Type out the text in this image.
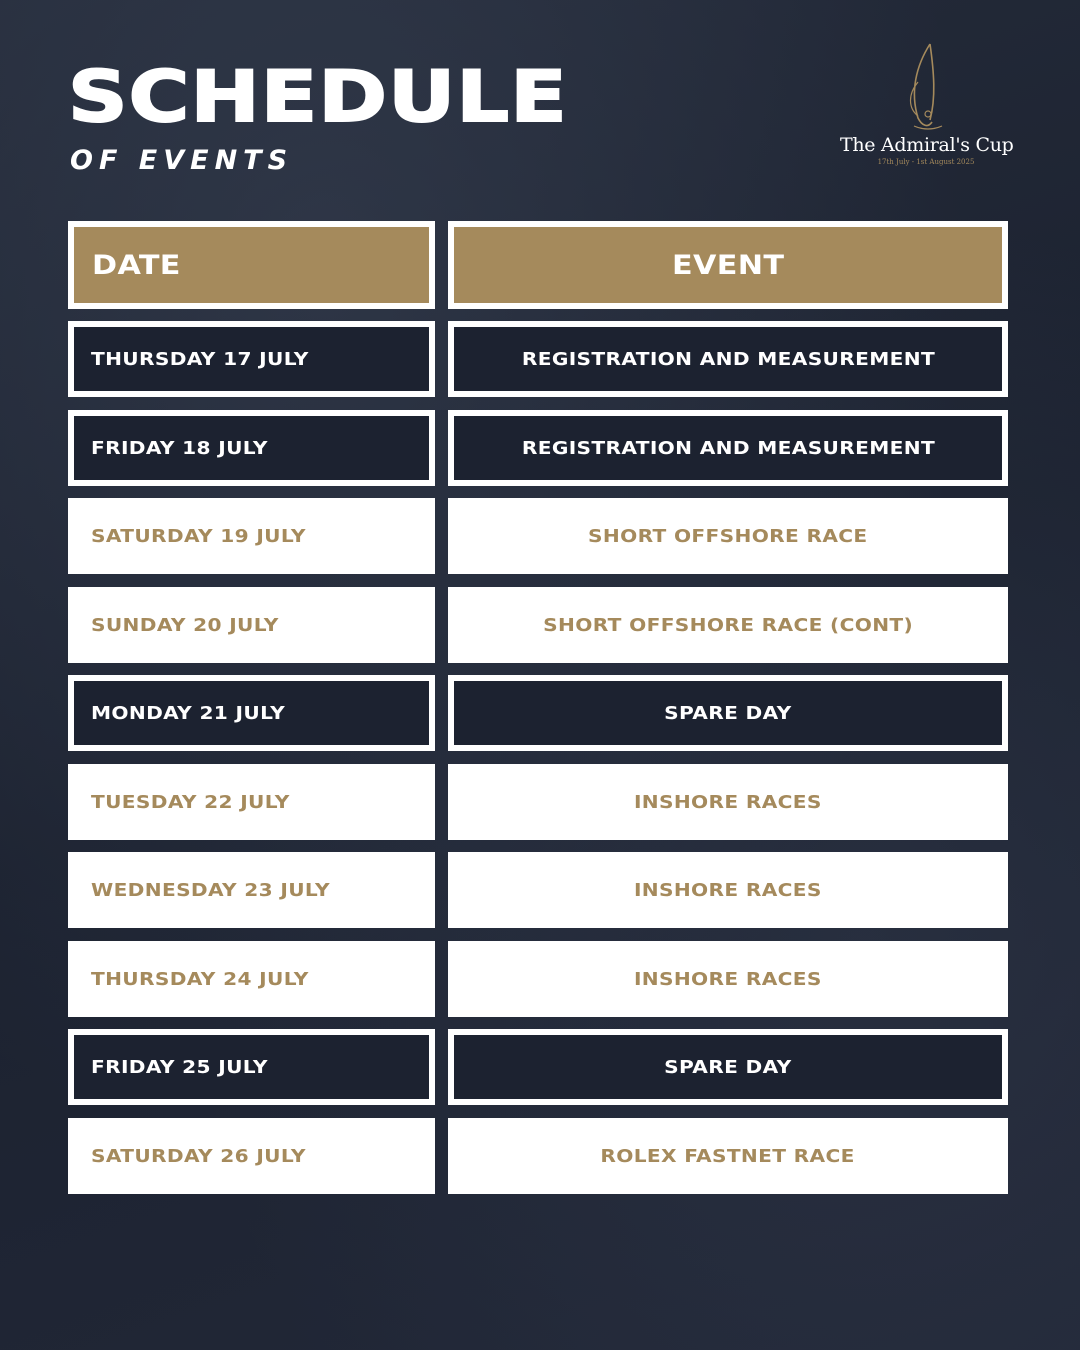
SCHEDULE
OF EVENTS	The Admiral's Cup
17th July - 1st August 2025
DATE	EVENT
THURSDAY 17 JULY	REGISTRATION AND MEASUREMENT
FRIDAY 18 JULY	REGISTRATION AND MEASUREMENT
SATURDAY 19 JULY	SHORT OFFSHORE RACE
SUNDAY 20 JULY	SHORT OFFSHORE RACE (CONT)
MONDAY 21 JULY	SPARE DAY
TUESDAY 22 JULY	INSHORE RACES
WEDNESDAY 23 JULY	INSHORE RACES
THURSDAY 24 JULY	INSHORE RACES
FRIDAY 25 JULY	SPARE DAY
SATURDAY 26 JULY	ROLEX FASTNET RACE
